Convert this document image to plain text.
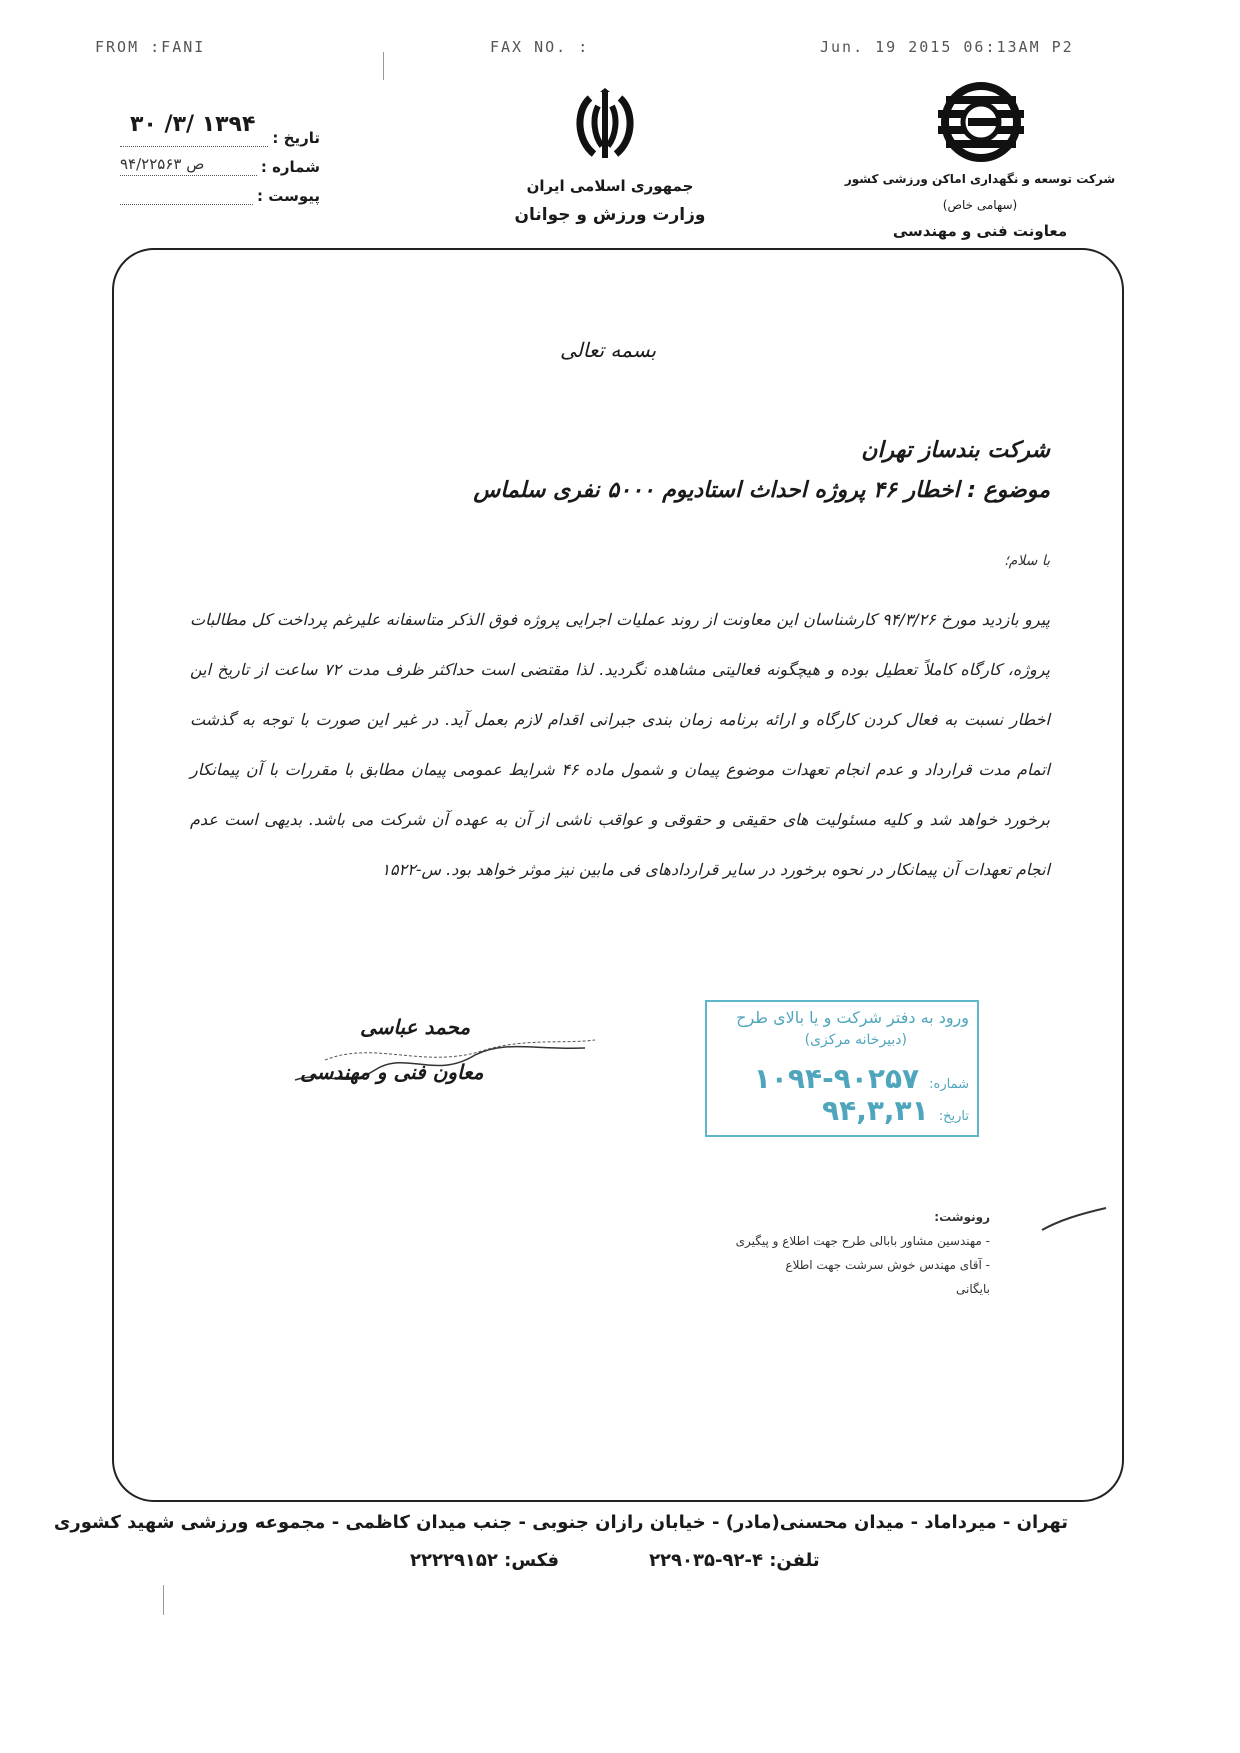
FROM :FANI	FAX NO. :	Jun. 19 2015 06:13AM P2
تاریخ :
۱۳۹۴ /۳/ ۳۰
شماره :
۹۴/۲۲۵۶۳ ص
پیوست :
جمهوری اسلامی ایران
وزارت ورزش و جوانان
شرکت توسعه و نگهداری اماکن ورزشی کشور
(سهامی خاص)
معاونت فنی و مهندسی
بسمه تعالی
شرکت بندساز تهران
موضوع : اخطار ۴۶ پروژه احداث استادیوم ۵۰۰۰ نفری سلماس
با سلام؛
پیرو بازدید مورخ ۹۴/۳/۲۶ کارشناسان این معاونت از روند عملیات اجرایی پروژه فوق الذکر متاسفانه علیرغم پرداخت کل مطالبات پروژه، کارگاه کاملاً تعطیل بوده و هیچگونه فعالیتی مشاهده نگردید. لذا مقتضی است حداکثر ظرف مدت ۷۲ ساعت از تاریخ این اخطار نسبت به فعال کردن کارگاه و ارائه برنامه زمان بندی جبرانی اقدام لازم بعمل آید. در غیر این صورت با توجه به گذشت اتمام مدت قرارداد و عدم انجام تعهدات موضوع پیمان و شمول ماده ۴۶ شرایط عمومی پیمان مطابق با مقررات با آن پیمانکار برخورد خواهد شد و کلیه مسئولیت های حقیقی و حقوقی و عواقب ناشی از آن به عهده آن شرکت می باشد. بدیهی است عدم انجام تعهدات آن پیمانکار در نحوه برخورد در سایر قراردادهای فی مابین نیز موثر خواهد بود. س-۱۵۲۲
محمد عباسی
معاون فنی و مهندسی
ورود به دفتر شرکت و یا بالای طرح
(دبیرخانه مرکزی)
شماره:
۱۰۹۴-۹۰۲۵۷
تاریخ:
۹۴,۳,۳۱
رونوشت:
- مهندسین مشاور بابالی طرح جهت اطلاع و پیگیری
- آقای مهندس خوش سرشت جهت اطلاع
بایگانی
تهران - میرداماد - میدان محسنی(مادر) - خیابان رازان جنوبی - جنب میدان کاظمی - مجموعه ورزشی شهید کشوری
تلفن: ۴-۹۲-۲۲۹۰۳۵
فکس: ۲۲۲۲۹۱۵۲
